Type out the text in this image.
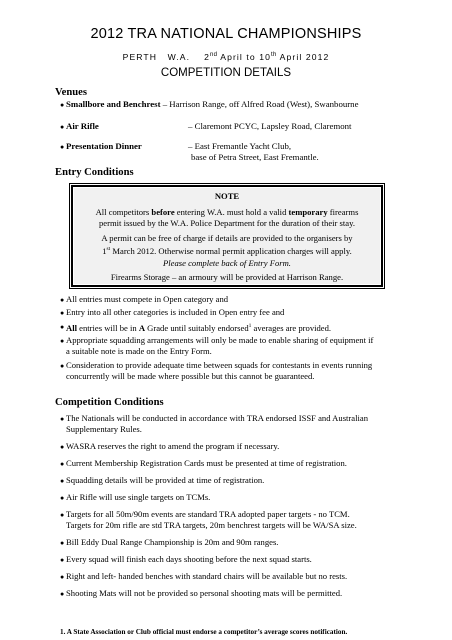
2012 TRA NATIONAL CHAMPIONSHIPS
PERTH W.A. 2nd April to 10th April 2012
COMPETITION DETAILS
Venues
● Smallbore and Benchrest – Harrison Range, off Alfred Road (West), Swanbourne
● Air Rifle	– Claremont PCYC, Lapsley Road, Claremont
● Presentation Dinner	– East Fremantle Yacht Club,
base of Petra Street, East Fremantle.
Entry Conditions
NOTE
All competitors before entering W.A. must hold a valid temporary firearms
permit issued by the W.A. Police Department for the duration of their stay.
A permit can be free of charge if details are provided to the organisers by
1st March 2012. Otherwise normal permit application charges will apply.
Please complete back of Entry Form.
Firearms Storage – an armoury will be provided at Harrison Range.
● All entries must compete in Open category and
● Entry into all other categories is included in Open entry fee and
● All entries will be in A Grade until suitably endorsed$^1$ averages are provided.
● Appropriate squadding arrangements will only be made to enable sharing of equipment if
a suitable note is made on the Entry Form.
● Consideration to provide adequate time between squads for contestants in events running
concurrently will be made where possible but this cannot be guaranteed.
Competition Conditions
● The Nationals will be conducted in accordance with TRA endorsed ISSF and Australian
Supplementary Rules.
● WASRA reserves the right to amend the program if necessary.
● Current Membership Registration Cards must be presented at time of registration.
● Squadding details will be provided at time of registration.
● Air Rifle will use single targets on TCMs.
● Targets for all 50m/90m events are standard TRA adopted paper targets - no TCM.
Targets for 20m rifle are std TRA targets, 20m benchrest targets will be WA/SA size.
● Bill Eddy Dual Range Championship is 20m and 90m ranges.
● Every squad will finish each days shooting before the next squad starts.
● Right and left- handed benches with standard chairs will be available but no rests.
● Shooting Mats will not be provided so personal shooting mats will be permitted.
1. A State Association or Club official must endorse a competitor’s average scores notification.
